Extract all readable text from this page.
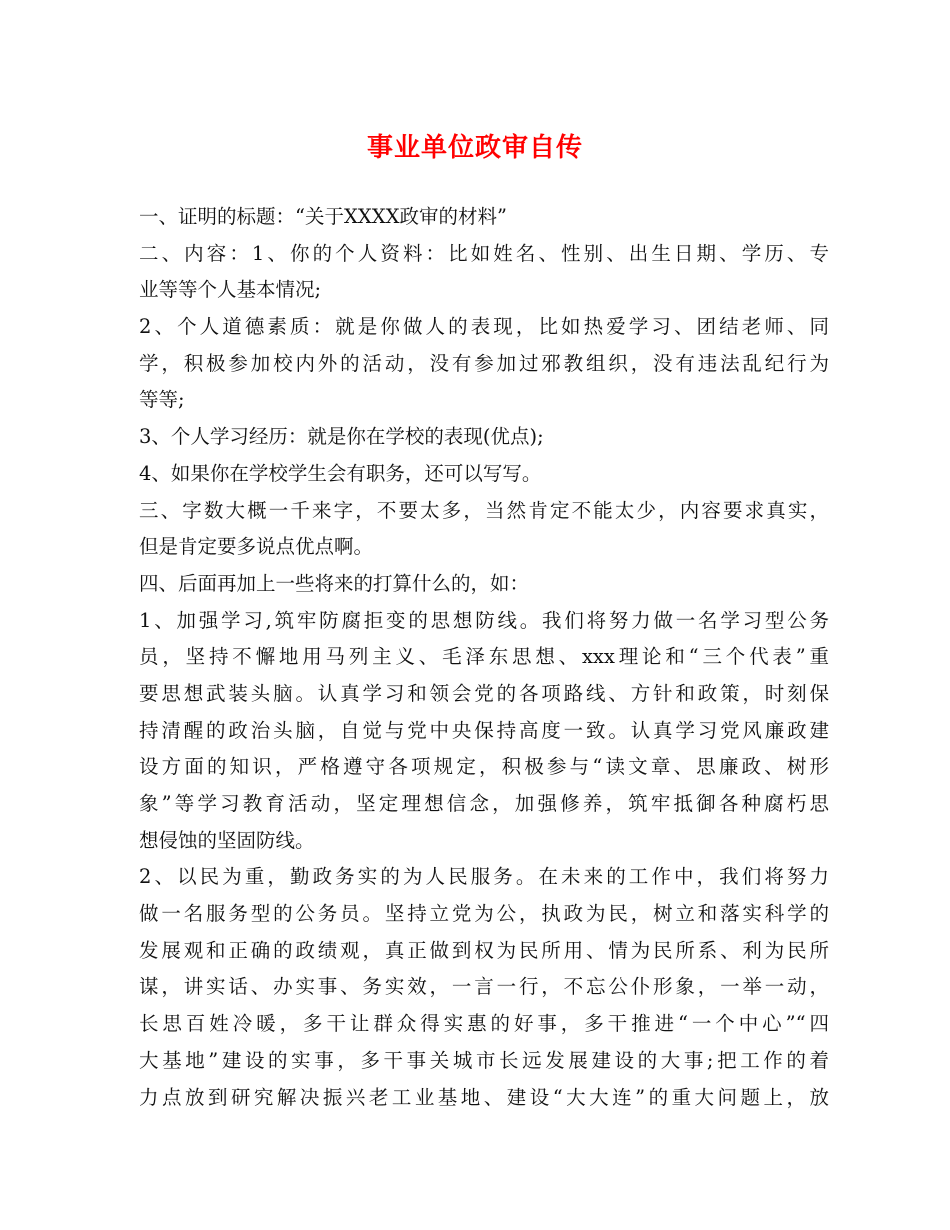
事业单位政审自传
一、证明的标题：“关于XXXX政审的材料”
二、内容：1、你的个人资料：比如姓名、性别、出生日期、学历、专
业等等个人基本情况;
2、个人道德素质：就是你做人的表现，比如热爱学习、团结老师、同
学，积极参加校内外的活动，没有参加过邪教组织，没有违法乱纪行为
等等;
3、个人学习经历：就是你在学校的表现(优点);
4、如果你在学校学生会有职务，还可以写写。
三、字数大概一千来字，不要太多，当然肯定不能太少，内容要求真实，
但是肯定要多说点优点啊。
四、后面再加上一些将来的打算什么的，如：
1、加强学习,筑牢防腐拒变的思想防线。我们将努力做一名学习型公务
员，坚持不懈地用马列主义、毛泽东思想、xxx理论和“三个代表”重
要思想武装头脑。认真学习和领会党的各项路线、方针和政策，时刻保
持清醒的政治头脑，自觉与党中央保持高度一致。认真学习党风廉政建
设方面的知识，严格遵守各项规定，积极参与“读文章、思廉政、树形
象”等学习教育活动，坚定理想信念，加强修养，筑牢抵御各种腐朽思
想侵蚀的坚固防线。
2、以民为重，勤政务实的为人民服务。在未来的工作中，我们将努力
做一名服务型的公务员。坚持立党为公，执政为民，树立和落实科学的
发展观和正确的政绩观，真正做到权为民所用、情为民所系、利为民所
谋，讲实话、办实事、务实效，一言一行，不忘公仆形象，一举一动，
长思百姓冷暖，多干让群众得实惠的好事，多干推进“一个中心”“四
大基地”建设的实事，多干事关城市长远发展建设的大事;把工作的着
力点放到研究解决振兴老工业基地、建设“大大连”的重大问题上，放
